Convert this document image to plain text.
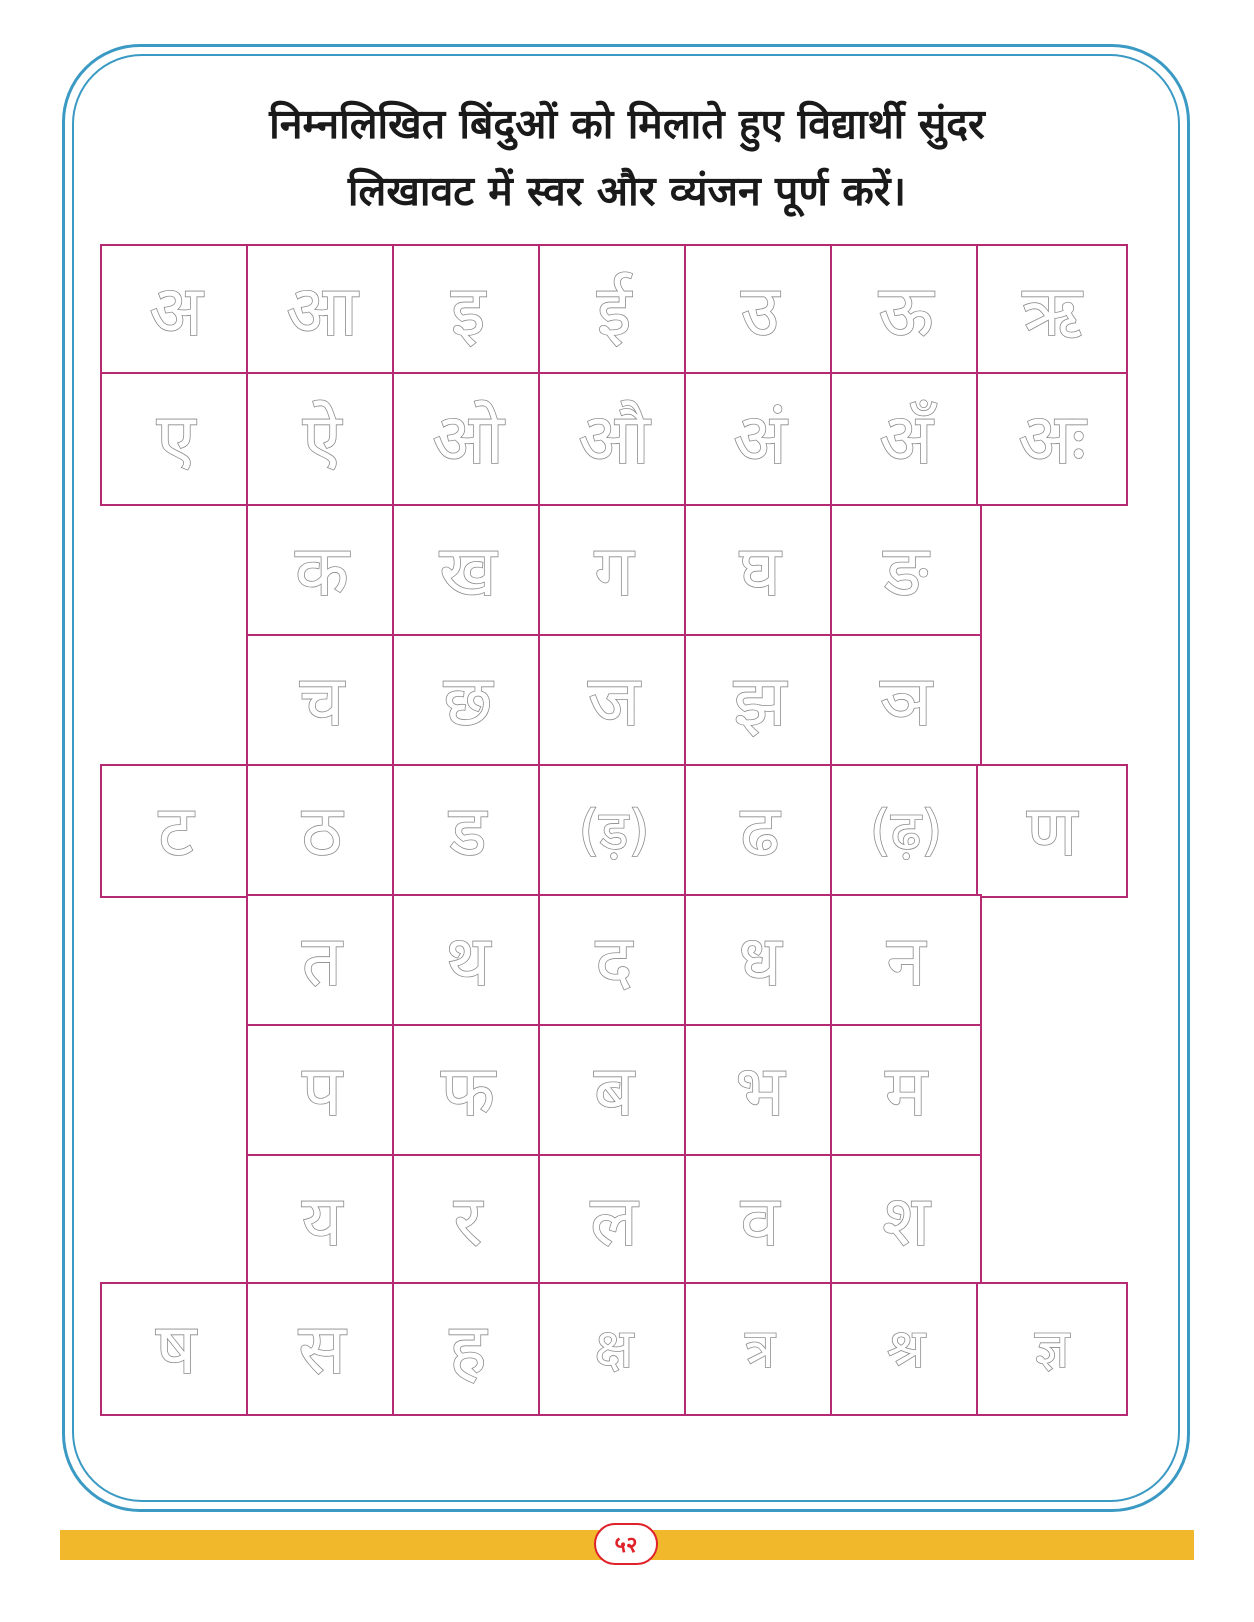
निम्नलिखित बिंदुओं को मिलाते हुए विद्यार्थी सुंदर
लिखावट में स्वर और व्यंजन पूर्ण करें।
अ आ इ ई उ ऊ ऋ
ए ऐ ओ औ अं अँ अः
क ख ग घ ङ
च छ ज झ ञ
ट ठ ड (ड़) ढ (ढ़) ण
त थ द ध न
प फ ब भ म
य र ल व श
ष स ह क्ष त्र श्र ज्ञ
५२
